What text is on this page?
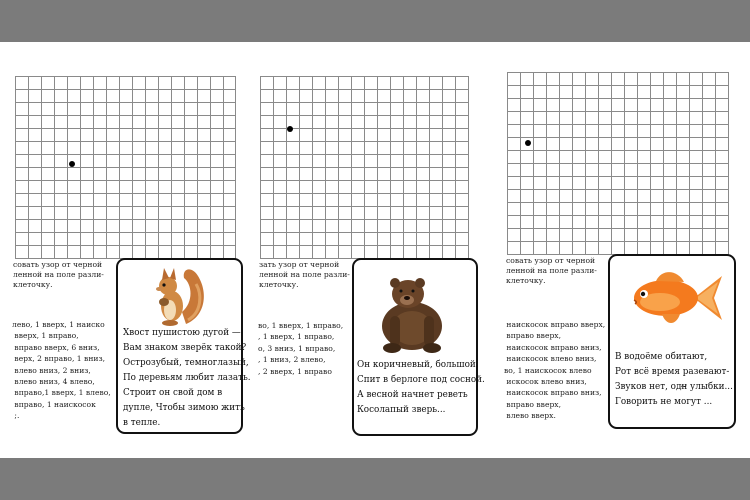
совать узор от черной
ленной на поле разли-
клеточку.
лево, 1 вверх, 1 наиско
вверх, 1 вправо,
вправо вверх, 6 вниз,
верх, 2 вправо, 1 вниз,
влево вниз, 2 вниз,
влево вниз, 4 влево,
вправо,1 вверх, 1 влево,
вправо, 1 наискосок
;.
Хвост пушистою дугой —
Вам знаком зверёк такой?
Острозубый, темноглазый,
По деревьям любит лазать.
Строит он свой дом в
дупле, Чтобы зимою жить
в тепле.
зать узор от черной
ленной на поле разли-
клеточку.
во, 1 вверх, 1 вправо,
, 1 вверх, 1 вправо,
о, 3 вниз, 1 вправо,
, 1 вниз, 2 влево,
, 2 вверх, 1 вправо
Он коричневый, большой,
Спит в берлоге под сосной.
А весной начнет реветь
Косолапый зверь...
совать узор от черной
ленной на поле разли-
клеточку.
наискосок вправо вверх,
вправо вверх,
наискосок вправо вниз,
наискосок влево вниз,
во, 1 наискосок влево
искосок влево вниз,
наискосок вправо вниз,
вправо вверх,
влево вверх.
В водоёме обитают,
Рот всё время разевают-
Звуков нет, одн̴ улыбки...
Говорить не могут ...
